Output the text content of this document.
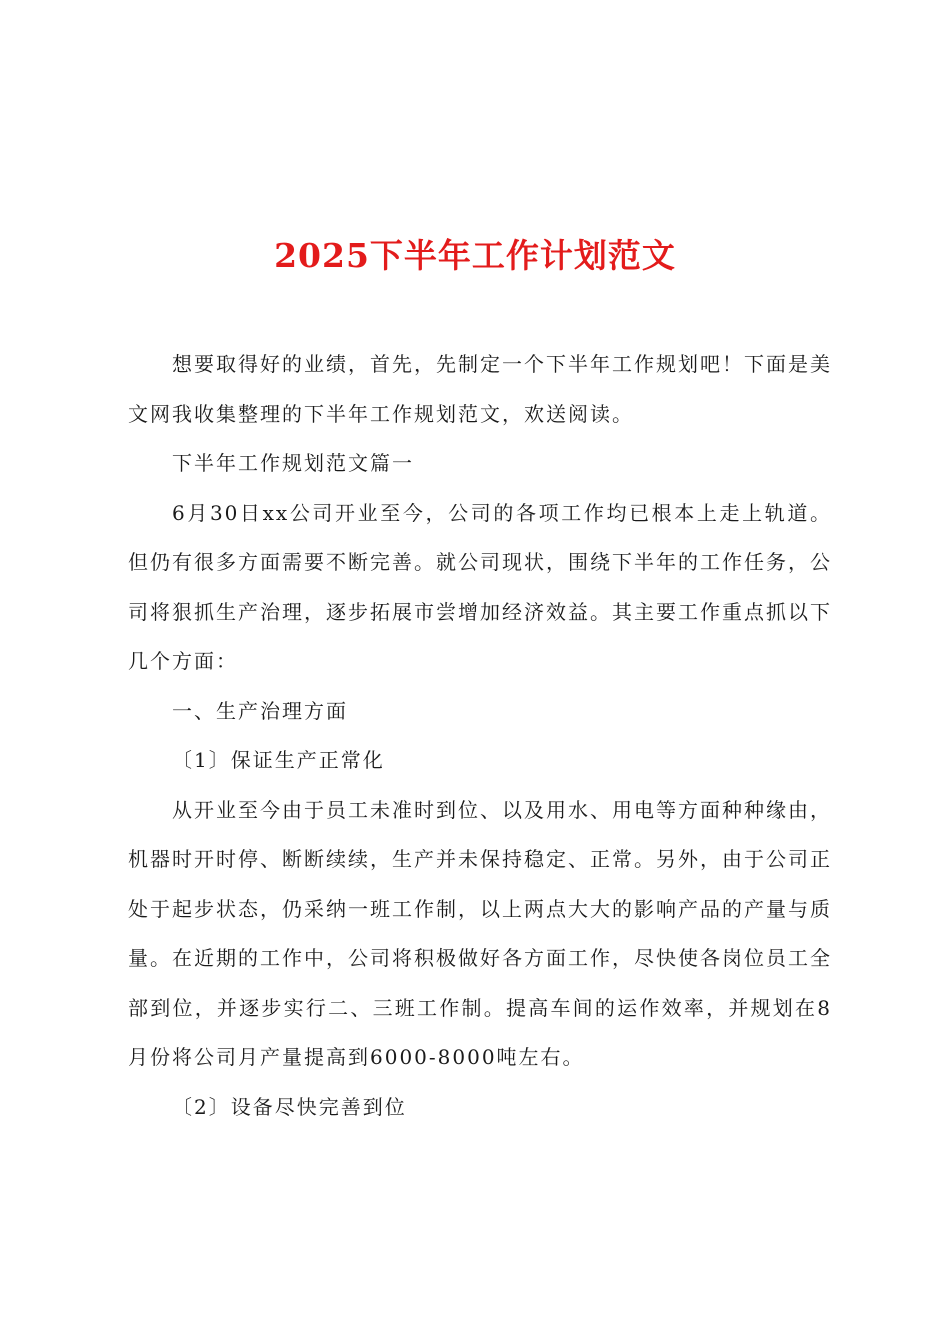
2025下半年工作计划范文

想要取得好的业绩，首先，先制定一个下半年工作规划吧！下面是美文网我收集整理的下半年工作规划范文，欢送阅读。

下半年工作规划范文篇一

6月30日xx公司开业至今，公司的各项工作均已根本上走上轨道。但仍有很多方面需要不断完善。就公司现状，围绕下半年的工作任务，公司将狠抓生产治理，逐步拓展市尝增加经济效益。其主要工作重点抓以下几个方面：

一、生产治理方面

〔1〕保证生产正常化

从开业至今由于员工未准时到位、以及用水、用电等方面种种缘由，机器时开时停、断断续续，生产并未保持稳定、正常。另外，由于公司正处于起步状态，仍采纳一班工作制，以上两点大大的影响产品的产量与质量。在近期的工作中，公司将积极做好各方面工作，尽快使各岗位员工全部到位，并逐步实行二、三班工作制。提高车间的运作效率，并规划在8月份将公司月产量提高到6000-8000吨左右。

〔2〕设备尽快完善到位
